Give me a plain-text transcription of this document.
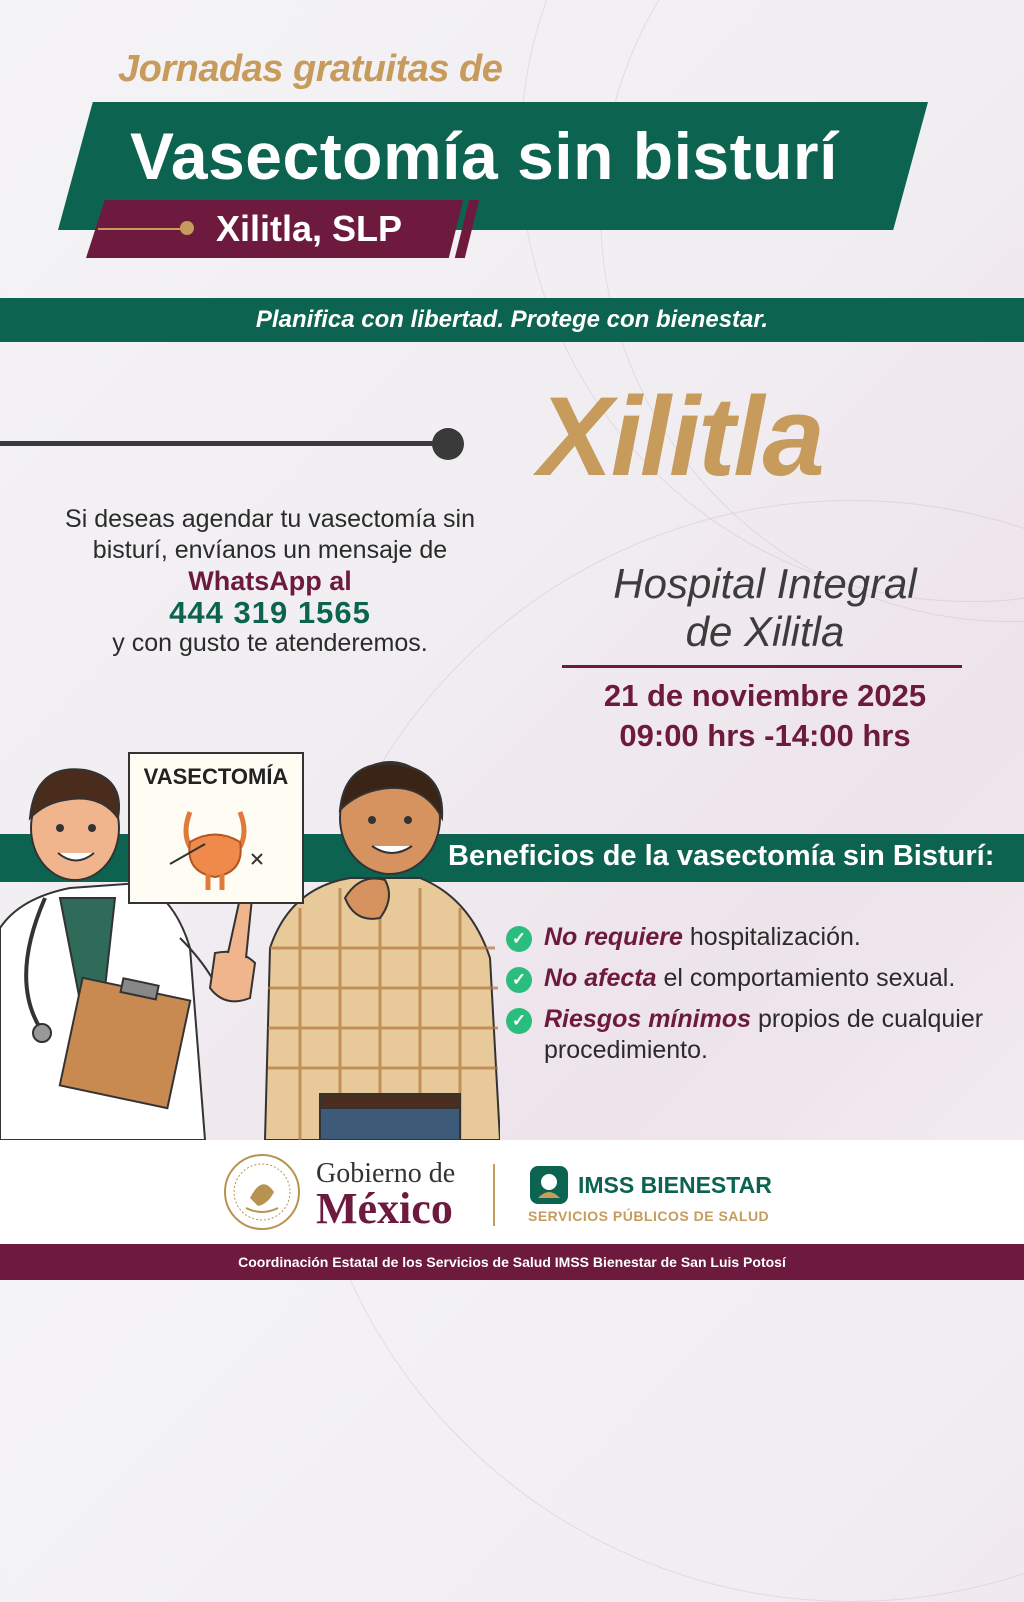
Jornadas gratuitas de
Vasectomía sin bisturí
Xilitla, SLP
Planifica con libertad. Protege con bienestar.
Xilitla
Si deseas agendar tu vasectomía sin
bisturí, envíanos un mensaje de
WhatsApp al
444 319 1565
y con gusto te atenderemos.
Hospital Integral
de Xilitla
21 de noviembre 2025
09:00 hrs -14:00 hrs
Beneficios de la vasectomía sin Bisturí:
VASECTOMÍA
✓ No requiere hospitalización.
✓ No afecta el comportamiento sexual.
✓ Riesgos mínimos propios de cualquier procedimiento.
Gobierno de
México	IMSS BIENESTAR
SERVICIOS PÚBLICOS DE SALUD
Coordinación Estatal de los Servicios de Salud IMSS Bienestar de San Luis Potosí
